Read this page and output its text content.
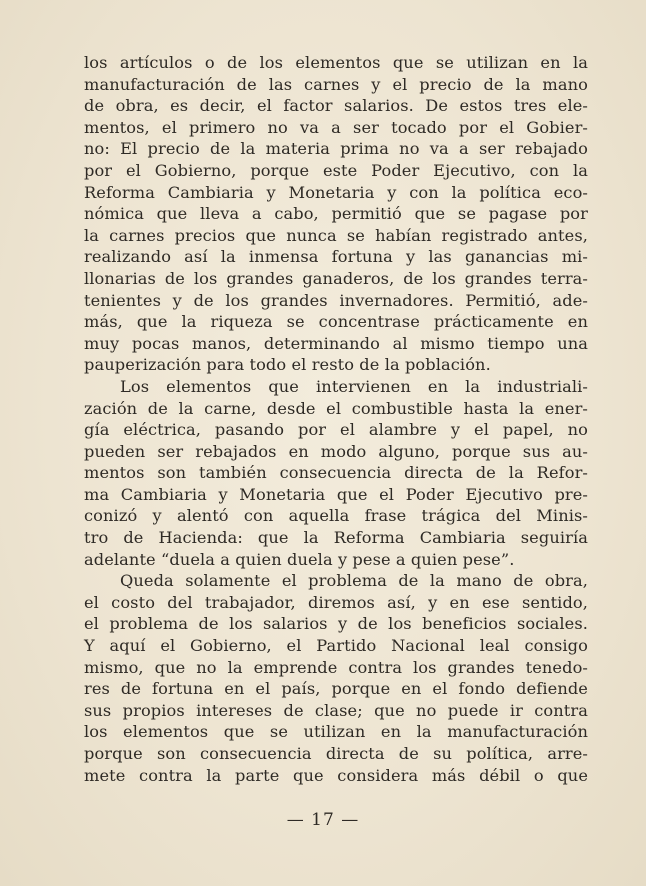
los artículos o de los elementos que se utilizan en la
manufacturación de las carnes y el precio de la mano
de obra, es decir, el factor salarios. De estos tres ele-
mentos, el primero no va a ser tocado por el Gobier-
no: El precio de la materia prima no va a ser rebajado
por el Gobierno, porque este Poder Ejecutivo, con la
Reforma Cambiaria y Monetaria y con la política eco-
nómica que lleva a cabo, permitió que se pagase por
la carnes precios que nunca se habían registrado antes,
realizando así la inmensa fortuna y las ganancias mi-
llonarias de los grandes ganaderos, de los grandes terra-
tenientes y de los grandes invernadores. Permitió, ade-
más, que la riqueza se concentrase prácticamente en
muy pocas manos, determinando al mismo tiempo una
pauperización para todo el resto de la población.
Los elementos que intervienen en la industriali-
zación de la carne, desde el combustible hasta la ener-
gía eléctrica, pasando por el alambre y el papel, no
pueden ser rebajados en modo alguno, porque sus au-
mentos son también consecuencia directa de la Refor-
ma Cambiaria y Monetaria que el Poder Ejecutivo pre-
conizó y alentó con aquella frase trágica del Minis-
tro de Hacienda: que la Reforma Cambiaria seguiría
adelante “duela a quien duela y pese a quien pese”.
Queda solamente el problema de la mano de obra,
el costo del trabajador, diremos así, y en ese sentido,
el problema de los salarios y de los beneficios sociales.
Y aquí el Gobierno, el Partido Nacional leal consigo
mismo, que no la emprende contra los grandes tenedo-
res de fortuna en el país, porque en el fondo defiende
sus propios intereses de clase; que no puede ir contra
los elementos que se utilizan en la manufacturación
porque son consecuencia directa de su política, arre-
mete contra la parte que considera más débil o que
— 17 —
